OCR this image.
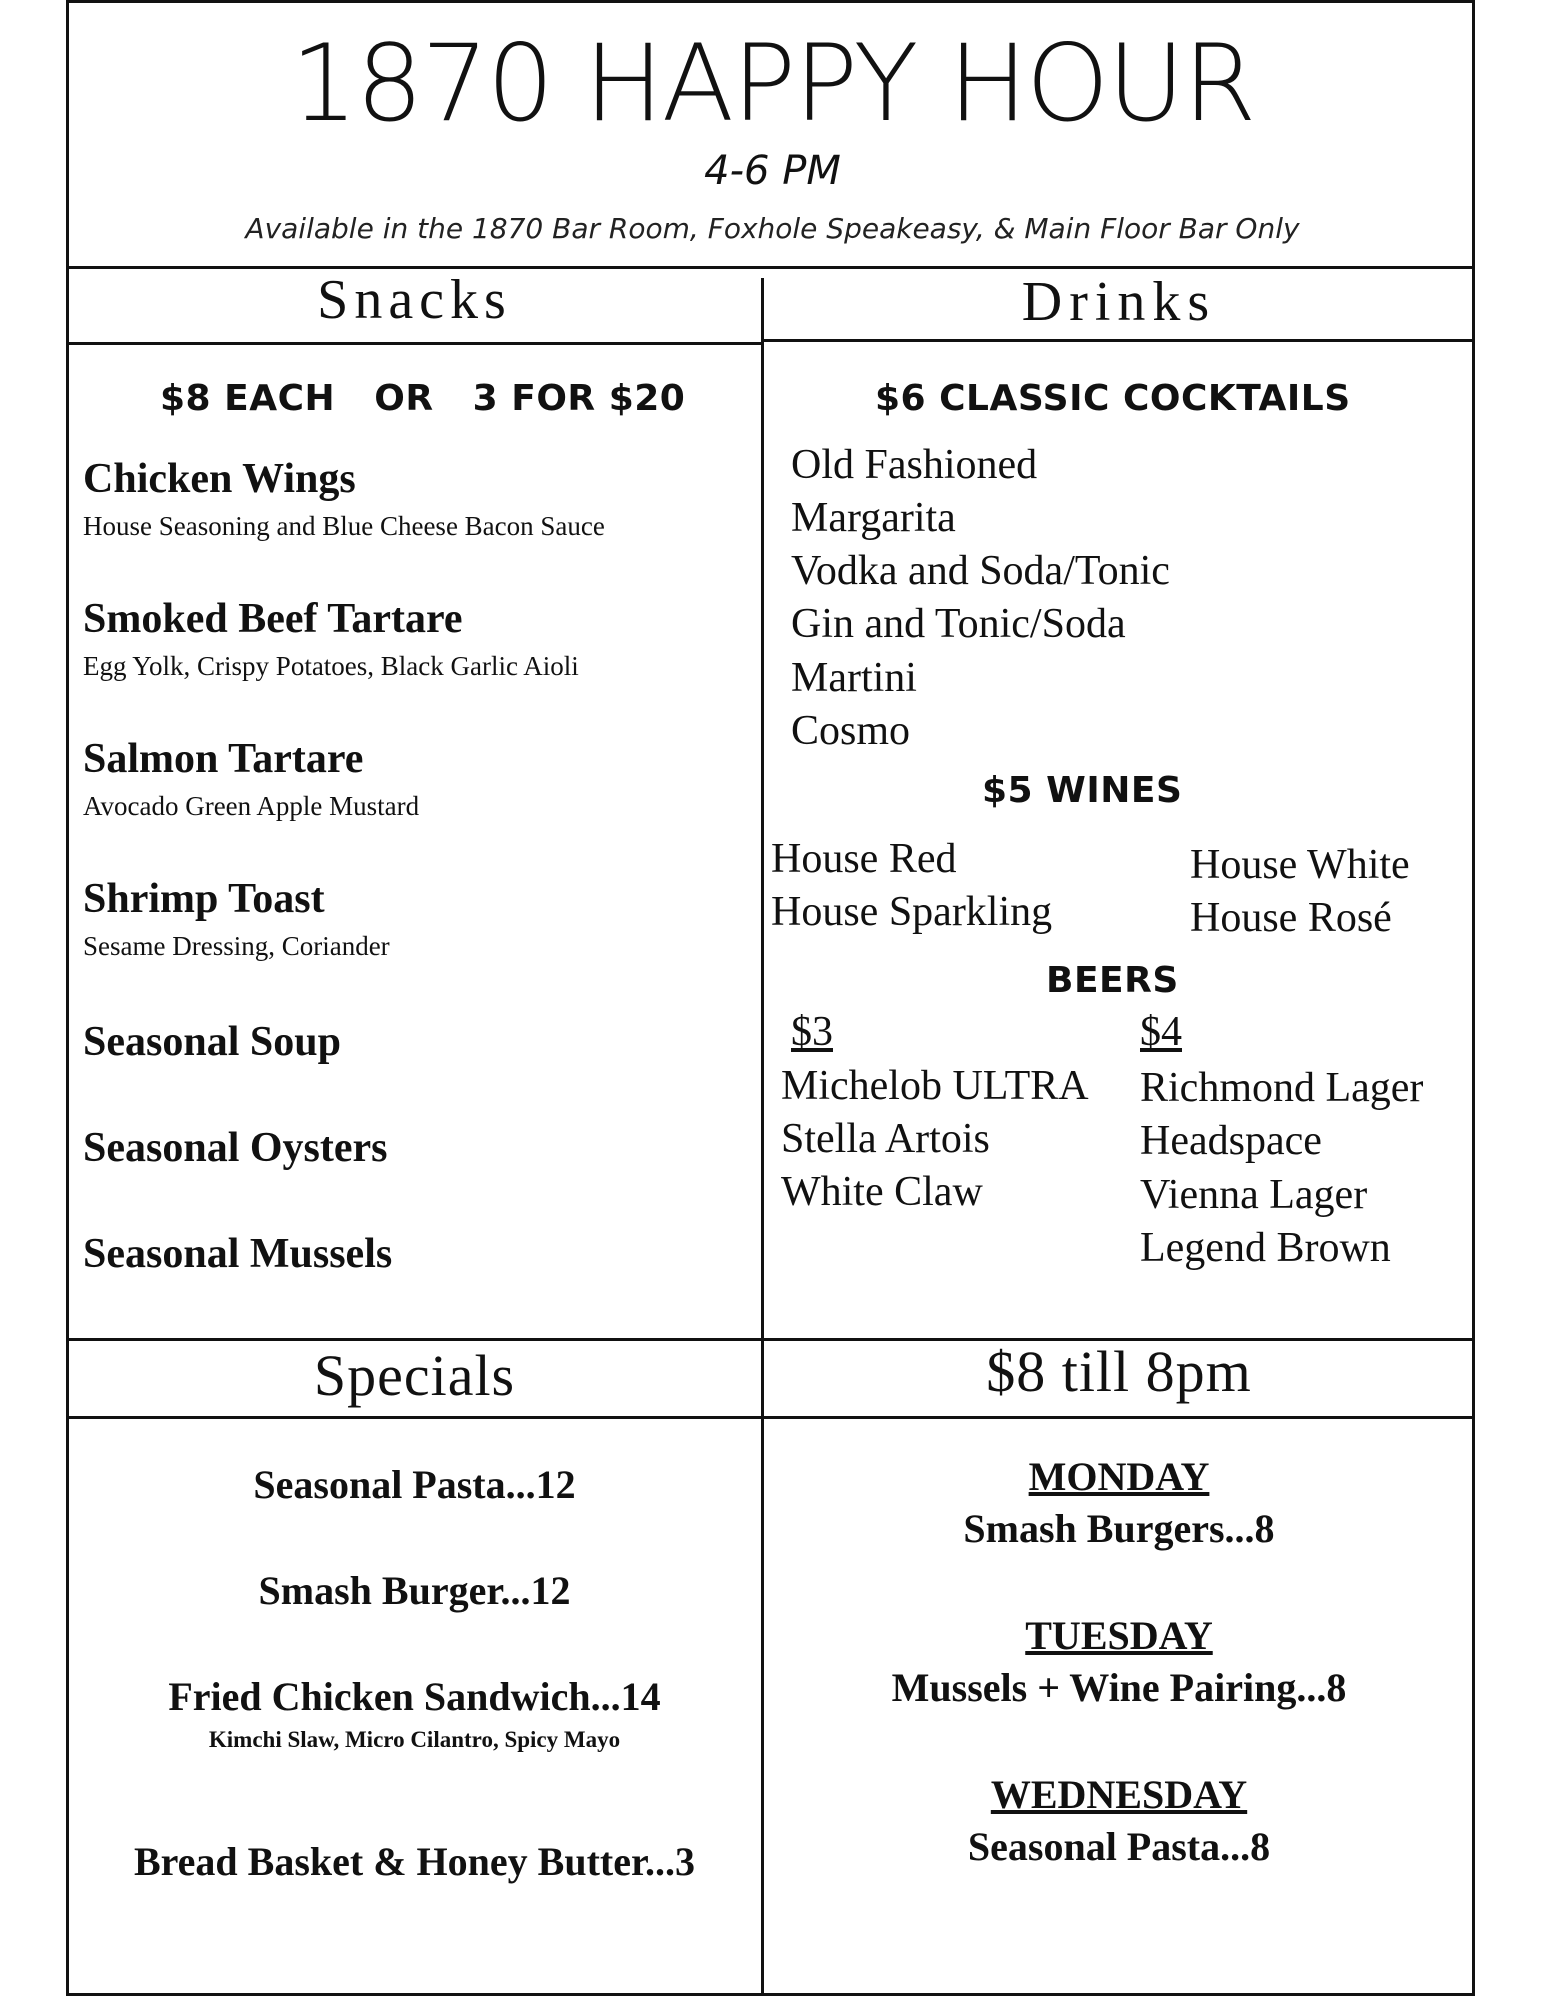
1870 HAPPY HOUR
4-6 PM
Available in the 1870 Bar Room, Foxhole Speakeasy, & Main Floor Bar Only
Snacks
$8 EACH   OR   3 FOR $20
Chicken Wings
House Seasoning and Blue Cheese Bacon Sauce
Smoked Beef Tartare
Egg Yolk, Crispy Potatoes, Black Garlic Aioli
Salmon Tartare
Avocado Green Apple Mustard
Shrimp Toast
Sesame Dressing, Coriander
Seasonal Soup
Seasonal Oysters
Seasonal Mussels
Drinks
$6 CLASSIC COCKTAILS
Old Fashioned
Margarita
Vodka and Soda/Tonic
Gin and Tonic/Soda
Martini
Cosmo
$5 WINES
House Red
House Sparkling
House White
House Rosé
BEERS
$3
Michelob ULTRA
Stella Artois
White Claw
$4
Richmond Lager
Headspace
Vienna Lager
Legend Brown
Specials
Seasonal Pasta...12
Smash Burger...12
Fried Chicken Sandwich...14
Kimchi Slaw, Micro Cilantro, Spicy Mayo
Bread Basket & Honey Butter...3
$8 till 8pm
MONDAY
Smash Burgers...8
TUESDAY
Mussels + Wine Pairing...8
WEDNESDAY
Seasonal Pasta...8
